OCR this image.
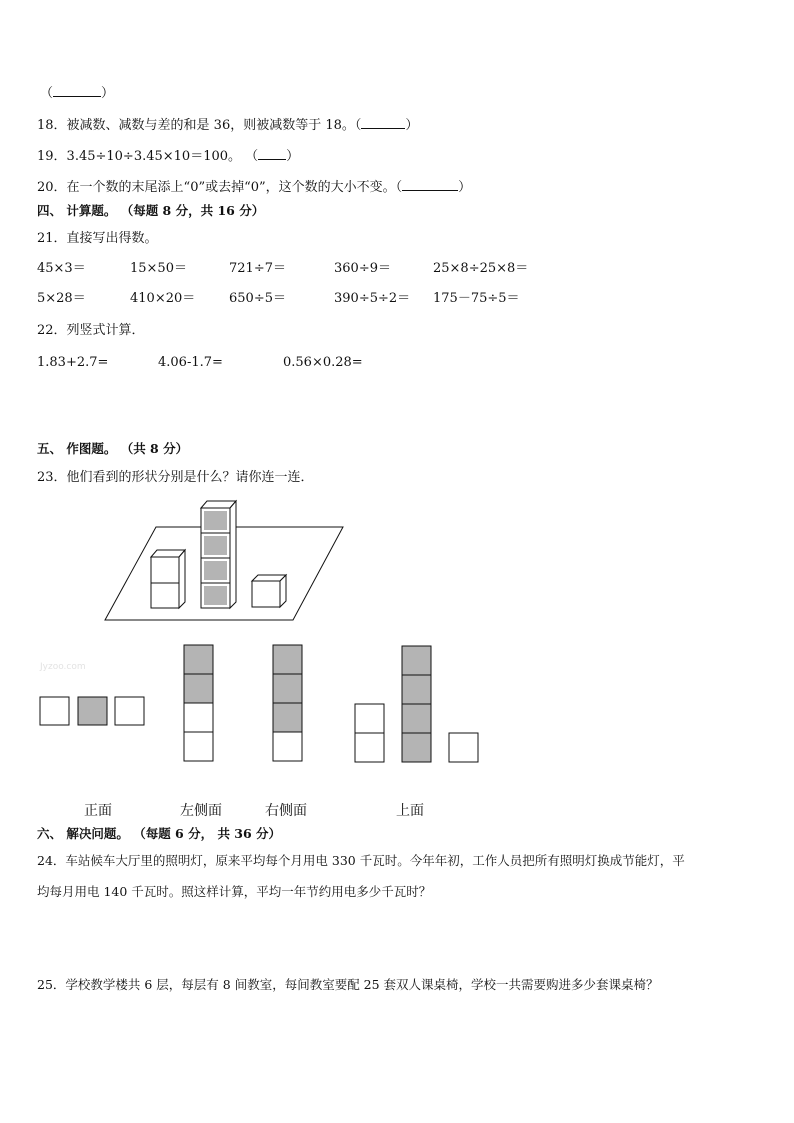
（	）
18．被减数、减数与差的和是 36，则被减数等于 18。（	）
19．3.45÷10÷3.45×10＝100。 （ ）
20．在一个数的末尾添上“0”或去掉“0”，这个数的大小不变。（	）
四、 计算题。 （每题 8 分，共 16 分）
21．直接写出得数。
45×3＝	15×50＝	721÷7＝	360÷9＝	25×8÷25×8＝
5×28＝	410×20＝	650÷5＝	390÷5÷2＝ 175－75÷5＝
22．列竖式计算．
1.83+2.7=	4.06-1.7=	0.56×0.28=
五、 作图题。 （共 8 分）
23．他们看到的形状分别是什么？请你连一连．
Jyzoo.com
正面	左侧面	右侧面	上面
六、 解决问题。 （每题 6 分， 共 36 分）
24．车站候车大厅里的照明灯，原来平均每个月用电 330 千瓦时。今年年初，工作人员把所有照明灯换成节能灯，平
均每月用电 140 千瓦时。照这样计算，平均一年节约用电多少千瓦时？
25．学校教学楼共 6 层，每层有 8 间教室，每间教室要配 25 套双人课桌椅，学校一共需要购进多少套课桌椅？
